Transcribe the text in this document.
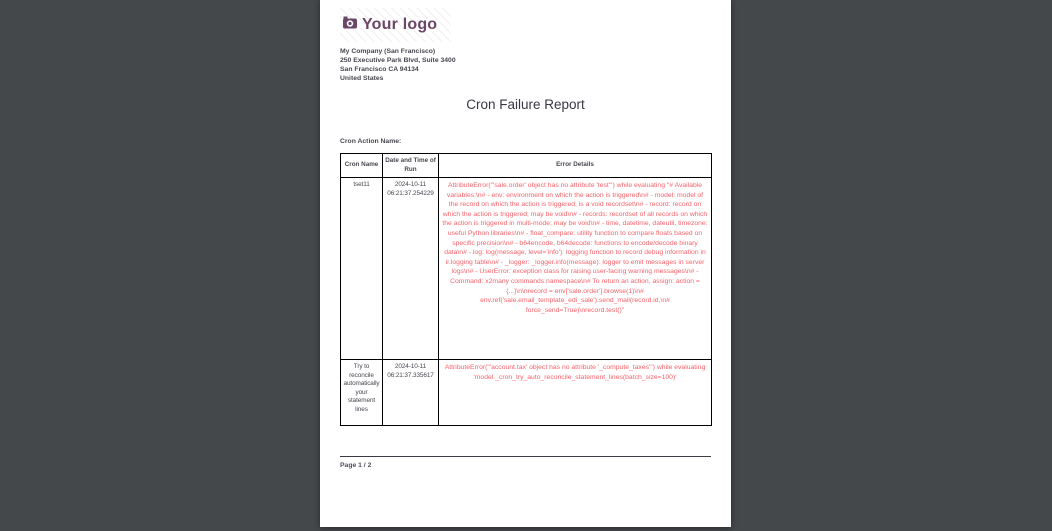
Your logo
My Company (San Francisco)
250 Executive Park Blvd, Suite 3400
San Francisco CA 94134
United States
Cron Failure Report
Cron Action Name:
Cron Name	Date and Time of Run	Error Details
tset11	2024-10-11 06:21:37.254229	AttributeError("'sale.order' object has no attribute 'test'") while evaluating "# Available variables:\n# - env: environment on which the action is triggered\n# - model: model of the record on which the action is triggered; is a void recordset\n# - record: record on which the action is triggered; may be void\n# - records: recordset of all records on which the action is triggered in multi-mode; may be void\n# - time, datetime, dateutil, timezone: useful Python libraries\n# - float_compare: utility function to compare floats based on specific precision\n# - b64encode, b64decode: functions to encode/decode binary data\n# - log: log(message, level='info'): logging function to record debug information in ir.logging table\n# - _logger: _logger.info(message): logger to emit messages in server logs\n# - UserError: exception class for raising user-facing warning messages\n# - Command: x2many commands namespace\n# To return an action, assign: action = {...}\n\nrecord = env['sale.order'].browse(1)\n# env.ref('sale.email_template_edi_sale').send_mail(record.id,\n# force_send=True)\nrecord.test()"
Try to reconcile automatically your statement lines	2024-10-11 06:21:37.335617	AttributeError("'account.tax' object has no attribute '_compute_taxes'") while evaluating 'model._cron_try_auto_reconcile_statement_lines(batch_size=100)'
Page 1 / 2
